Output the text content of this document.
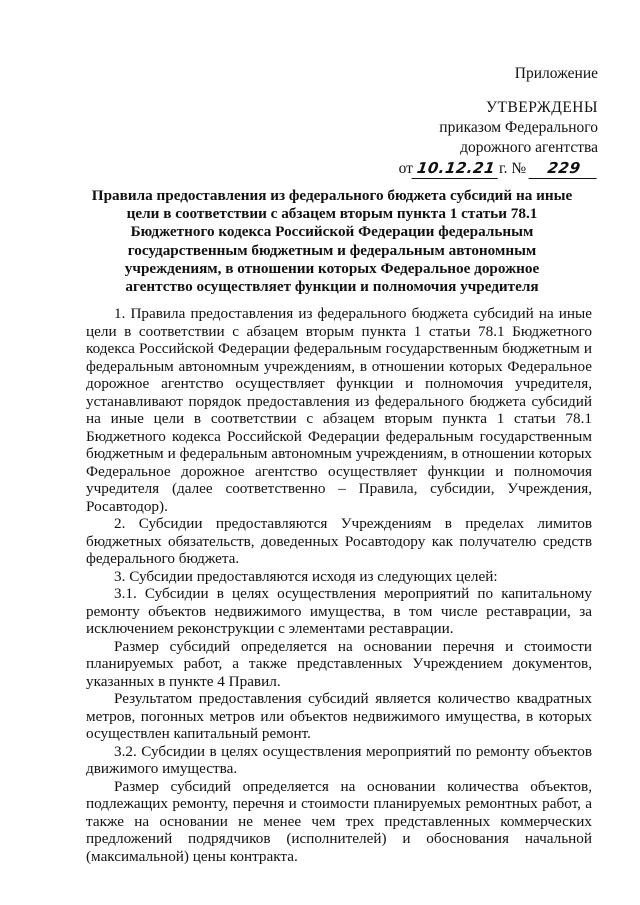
Приложение
УТВЕРЖДЕНЫ
приказом Федерального
дорожного агентства
от 10.12.21 г. № 229
Правила предоставления из федерального бюджета субсидий на иные цели в соответствии с абзацем вторым пункта 1 статьи 78.1 Бюджетного кодекса Российской Федерации федеральным государственным бюджетным и федеральным автономным учреждениям, в отношении которых Федеральное дорожное агентство осуществляет функции и полномочия учредителя

1. Правила предоставления из федерального бюджета субсидий на иные цели в соответствии с абзацем вторым пункта 1 статьи 78.1 Бюджетного кодекса Российской Федерации федеральным государственным бюджетным и федеральным автономным учреждениям, в отношении которых Федеральное дорожное агентство осуществляет функции и полномочия учредителя, устанавливают порядок предоставления из федерального бюджета субсидий на иные цели в соответствии с абзацем вторым пункта 1 статьи 78.1 Бюджетного кодекса Российской Федерации федеральным государственным бюджетным и федеральным автономным учреждениям, в отношении которых Федеральное дорожное агентство осуществляет функции и полномочия учредителя (далее соответственно – Правила, субсидии, Учреждения, Росавтодор).

2. Субсидии предоставляются Учреждениям в пределах лимитов бюджетных обязательств, доведенных Росавтодору как получателю средств федерального бюджета.

3. Субсидии предоставляются исходя из следующих целей:

3.1. Субсидии в целях осуществления мероприятий по капитальному ремонту объектов недвижимого имущества, в том числе реставрации, за исключением реконструкции с элементами реставрации.

Размер субсидий определяется на основании перечня и стоимости планируемых работ, а также представленных Учреждением документов, указанных в пункте 4 Правил.

Результатом предоставления субсидий является количество квадратных метров, погонных метров или объектов недвижимого имущества, в которых осуществлен капитальный ремонт.

3.2. Субсидии в целях осуществления мероприятий по ремонту объектов движимого имущества.

Размер субсидий определяется на основании количества объектов, подлежащих ремонту, перечня и стоимости планируемых ремонтных работ, а также на основании не менее чем трех представленных коммерческих предложений подрядчиков (исполнителей) и обоснования начальной (максимальной) цены контракта.
